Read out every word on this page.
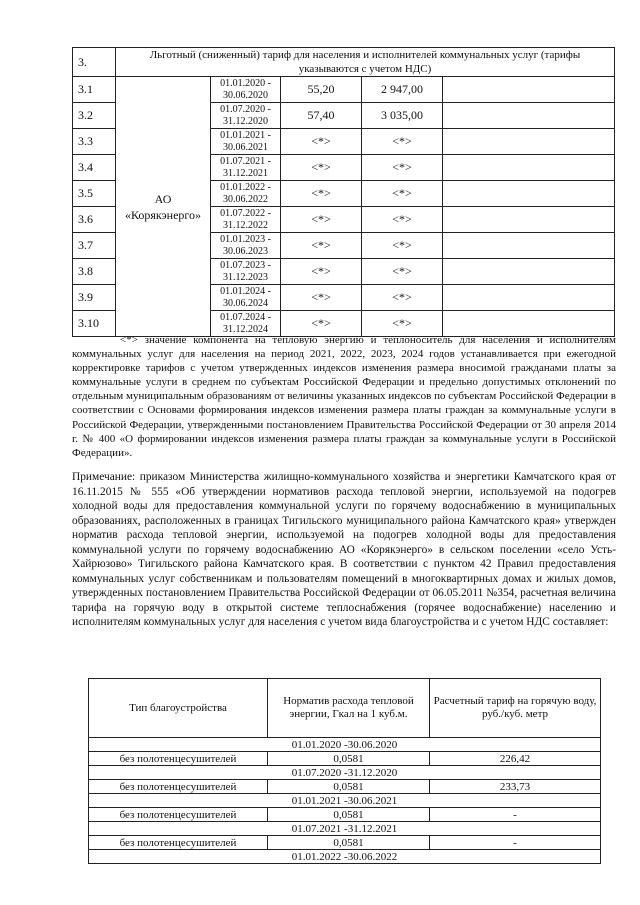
3.	Льготный (сниженный) тариф для населения и исполнителей коммунальных услуг (тарифы указываются с учетом НДС)				
3.1	АО «Корякэнерго»	01.01.2020 - 30.06.2020	55,20	2 947,00	
3.2		01.07.2020 - 31.12.2020	57,40	3 035,00	
3.3		01.01.2021 - 30.06.2021	<*>	<*>	
3.4		01.07.2021 - 31.12.2021	<*>	<*>	
3.5		01.01.2022 - 30.06.2022	<*>	<*>	
3.6		01.07.2022 - 31.12.2022	<*>	<*>	
3.7		01.01.2023 - 30.06.2023	<*>	<*>	
3.8		01.07.2023 - 31.12.2023	<*>	<*>	
3.9		01.01.2024 - 30.06.2024	<*>	<*>	
3.10		01.07.2024 - 31.12.2024	<*>	<*>	

<*> значение компонента на тепловую энергию и теплоноситель для населения и исполнителям коммунальных услуг для населения на период 2021, 2022, 2023, 2024 годов устанавливается при ежегодной корректировке тарифов с учетом утвержденных индексов изменения размера вносимой гражданами платы за коммунальные услуги в среднем по субъектам Российской Федерации и предельно допустимых отклонений по отдельным муниципальным образованиям от величины указанных индексов по субъектам Российской Федерации в соответствии с Основами формирования индексов изменения размера платы граждан за коммунальные услуги в Российской Федерации, утвержденными постановлением Правительства Российской Федерации от 30 апреля 2014 г. № 400 «О формировании индексов изменения размера платы граждан за коммунальные услуги в Российской Федерации».

Примечание: приказом Министерства жилищно-коммунального хозяйства и энергетики Камчатского края от 16.11.2015 № 555 «Об утверждении нормативов расхода тепловой энергии, используемой на подогрев холодной воды для предоставления коммунальной услуги по горячему водоснабжению в муниципальных образованиях, расположенных в границах Тигильского муниципального района Камчатского края» утвержден норматив расхода тепловой энергии, используемой на подогрев холодной воды для предоставления коммунальной услуги по горячему водоснабжению АО «Корякэнерго» в сельском поселении «село Усть-Хайрюзово» Тигильского района Камчатского края. В соответствии с пунктом 42 Правил предоставления коммунальных услуг собственникам и пользователям помещений в многоквартирных домах и жилых домов, утвержденных постановлением Правительства Российской Федерации от 06.05.2011 №354, расчетная величина тарифа на горячую воду в открытой системе теплоснабжения (горячее водоснабжение) населению и исполнителям коммунальных услуг для населения с учетом вида благоустройства и с учетом НДС составляет:

Тип благоустройства	Норматив расхода тепловой энергии, Гкал на 1 куб.м.	Расчетный тариф на горячую воду, руб./куб. метр
01.01.2020 -30.06.2020		
без полотенцесушителей	0,0581	226,42
01.07.2020 -31.12.2020		
без полотенцесушителей	0,0581	233,73
01.01.2021 -30.06.2021		
без полотенцесушителей	0,0581	-
01.07.2021 -31.12.2021		
без полотенцесушителей	0,0581	-
01.01.2022 -30.06.2022		
